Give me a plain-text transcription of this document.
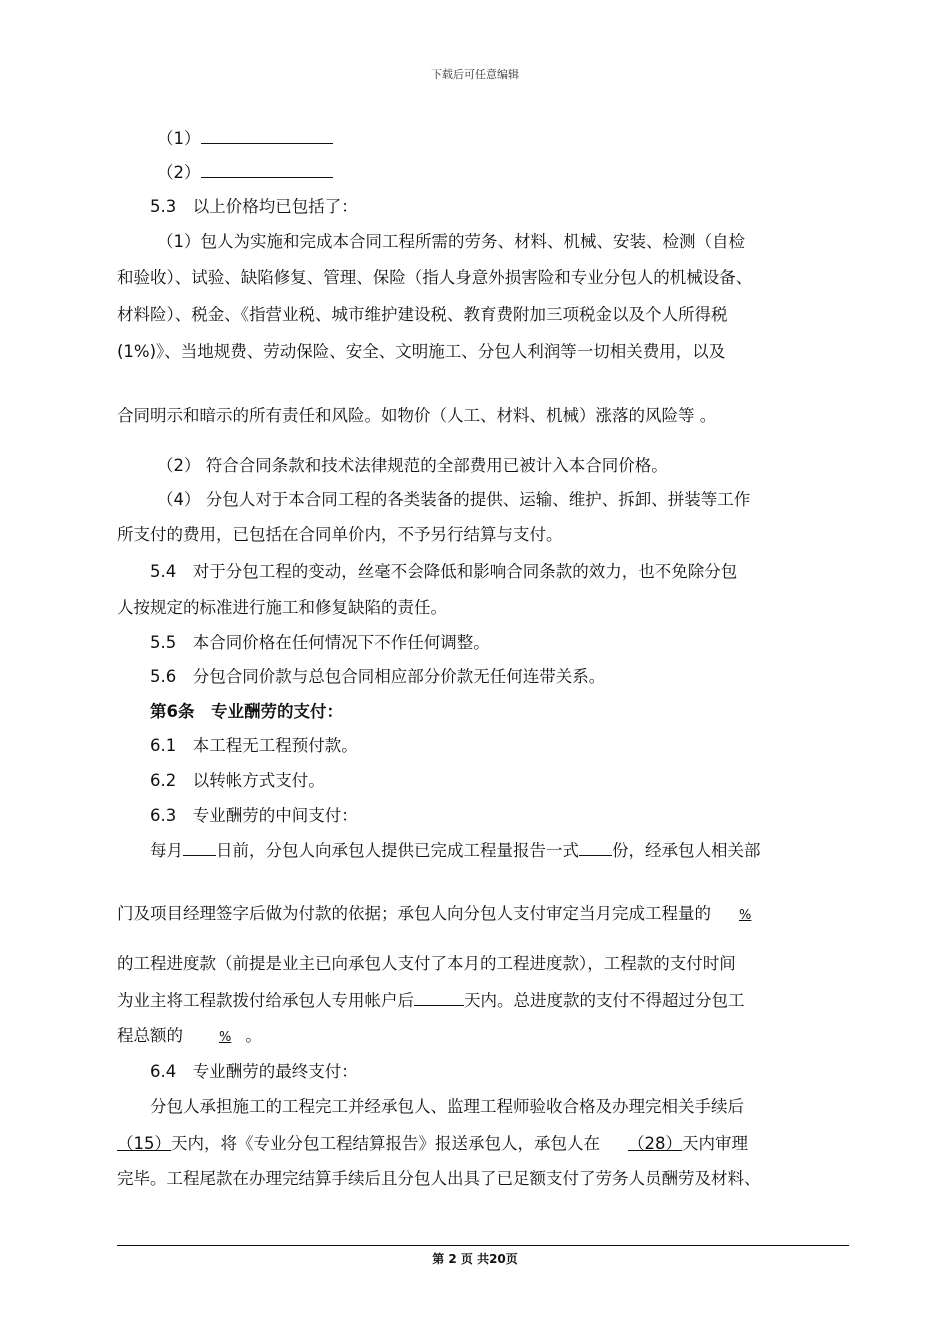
下载后可任意编辑
（1）
（2）
5.3　以上价格均已包括了：
（1）包人为实施和完成本合同工程所需的劳务、材料、机械、安装、检测（自检
和验收）、试验、缺陷修复、管理、保险（指人身意外损害险和专业分包人的机械设备、
材料险）、税金、《指营业税、城市维护建设税、教育费附加三项税金以及个人所得税
(1%)》、当地规费、劳动保险、安全、文明施工、分包人利润等一切相关费用，以及
合同明示和暗示的所有责任和风险。如物价（人工、材料、机械）涨落的风险等 。
（2） 符合合同条款和技术法律规范的全部费用已被计入本合同价格。
（4） 分包人对于本合同工程的各类装备的提供、运输、维护、拆卸、拼装等工作
所支付的费用，已包括在合同单价内，不予另行结算与支付。
5.4　对于分包工程的变动，丝毫不会降低和影响合同条款的效力，也不免除分包
人按规定的标准进行施工和修复缺陷的责任。
5.5　本合同价格在任何情况下不作任何调整。
5.6　分包合同价款与总包合同相应部分价款无任何连带关系。
第6条　专业酬劳的支付：
6.1　本工程无工程预付款。
6.2　以转帐方式支付。
6.3　专业酬劳的中间支付：
每月 日前，分包人向承包人提供已完成工程量报告一式 份，经承包人相关部
门及项目经理签字后做为付款的依据；承包人向分包人支付审定当月完成工程量的 %
的工程进度款（前提是业主已向承包人支付了本月的工程进度款），工程款的支付时间
为业主将工程款拨付给承包人专用帐户后	天内。总进度款的支付不得超过分包工
程总额的	% 。
6.4　专业酬劳的最终支付：
分包人承担施工的工程完工并经承包人、监理工程师验收合格及办理完相关手续后
（15）天内，将《专业分包工程结算报告》报送承包人，承包人在 （28）天内审理
完毕。工程尾款在办理完结算手续后且分包人出具了已足额支付了劳务人员酬劳及材料、
第 2 页 共20页
